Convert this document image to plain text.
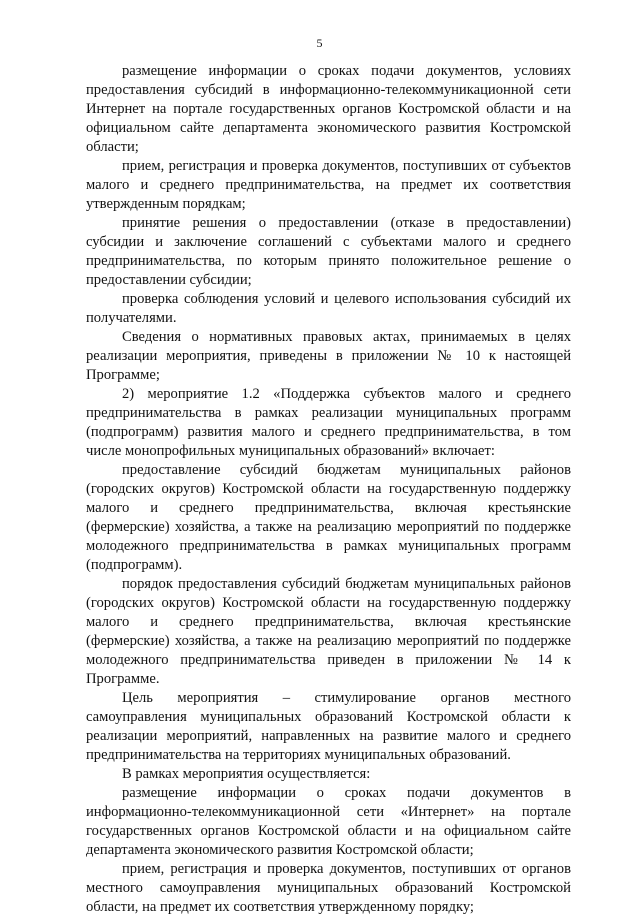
5

размещение информации о сроках подачи документов, условиях предоставления субсидий в информационно-телекоммуникационной сети Интернет на портале государственных органов Костромской области и на официальном сайте департамента экономического развития Костромской области;

прием, регистрация и проверка документов, поступивших от субъектов малого и среднего предпринимательства, на предмет их соответствия утвержденным порядкам;

принятие решения о предоставлении (отказе в предоставлении) субсидии и заключение соглашений с субъектами малого и среднего предпринимательства, по которым принято положительное решение о предоставлении субсидии;

проверка соблюдения условий и целевого использования субсидий их получателями.

Сведения о нормативных правовых актах, принимаемых в целях реализации мероприятия, приведены в приложении № 10 к настоящей Программе;

2) мероприятие 1.2 «Поддержка субъектов малого и среднего предпринимательства в рамках реализации муниципальных программ (подпрограмм) развития малого и среднего предпринимательства, в том числе монопрофильных муниципальных образований» включает:

предоставление субсидий бюджетам муниципальных районов (городских округов) Костромской области на государственную поддержку малого и среднего предпринимательства, включая крестьянские (фермерские) хозяйства, а также на реализацию мероприятий по поддержке молодежного предпринимательства в рамках муниципальных программ (подпрограмм).

порядок предоставления субсидий бюджетам муниципальных районов (городских округов) Костромской области на государственную поддержку малого и среднего предпринимательства, включая крестьянские (фермерские) хозяйства, а также на реализацию мероприятий по поддержке молодежного предпринимательства приведен в приложении № 14 к Программе.

Цель мероприятия – стимулирование органов местного самоуправления муниципальных образований Костромской области к реализации мероприятий, направленных на развитие малого и среднего предпринимательства на территориях муниципальных образований.

В рамках мероприятия осуществляется:

размещение информации о сроках подачи документов в информационно-телекоммуникационной сети «Интернет» на портале государственных органов Костромской области и на официальном сайте департамента экономического развития Костромской области;

прием, регистрация и проверка документов, поступивших от органов местного самоуправления муниципальных образований Костромской области, на предмет их соответствия утвержденному порядку;
